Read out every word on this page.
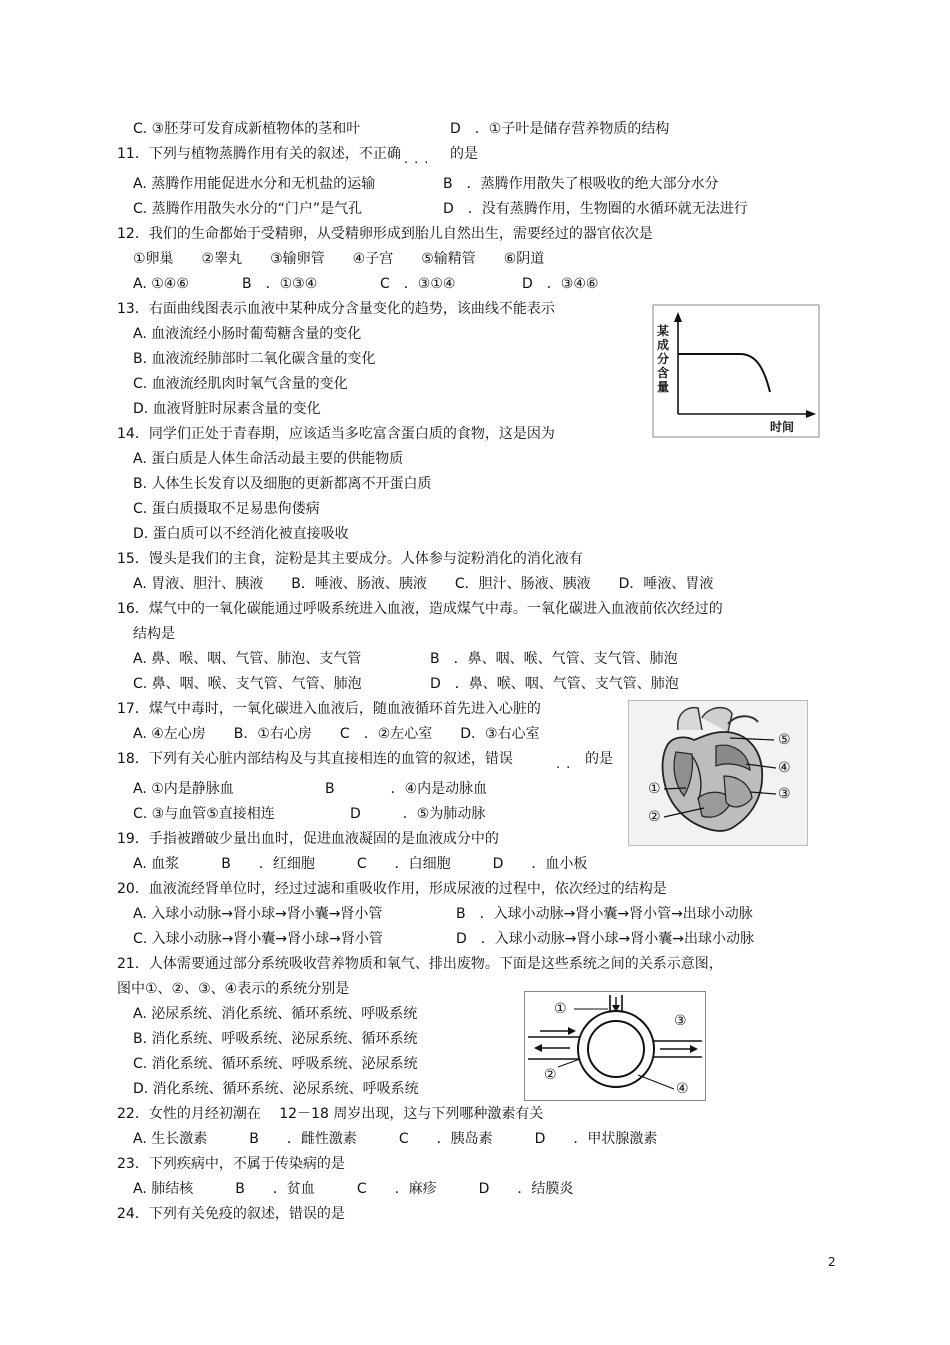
C. ③胚芽可发育成新植物体的茎和叶	D　．①子叶是储存营养物质的结构
11．下列与植物蒸腾作用有关的叙述，不正确 ... 的是
A. 蒸腾作用能促进水分和无机盐的运输	B　．蒸腾作用散失了根吸收的绝大部分水分
C. 蒸腾作用散失水分的“门户”是气孔	D　．没有蒸腾作用，生物圈的水循环就无法进行
12．我们的生命都始于受精卵，从受精卵形成到胎儿自然出生，需要经过的器官依次是
①卵巢　　②睾丸　　③输卵管　　④子宫　　⑤输精管　　⑥阴道
A. ①④⑥	B　．①③④	C　．③①④	D　．③④⑥
13．右面曲线图表示血液中某种成分含量变化的趋势，该曲线不能表示
A. 血液流经小肠时葡萄糖含量的变化
B. 血液流经肺部时二氧化碳含量的变化
C. 血液流经肌肉时氧气含量的变化
D. 血液肾脏时尿素含量的变化
某成分含量
时间
14．同学们正处于青春期，应该适当多吃富含蛋白质的食物，这是因为
A. 蛋白质是人体生命活动最主要的供能物质
B. 人体生长发育以及细胞的更新都离不开蛋白质
C. 蛋白质摄取不足易患佝偻病
D. 蛋白质可以不经消化被直接吸收
15．馒头是我们的主食，淀粉是其主要成分。人体参与淀粉消化的消化液有
A. 胃液、胆汁、胰液　　B．唾液、肠液、胰液　　C．胆汁、肠液、胰液　　D．唾液、胃液
16．煤气中的一氧化碳能通过呼吸系统进入血液，造成煤气中毒。一氧化碳进入血液前依次经过的
结构是
A. 鼻、喉、咽、气管、肺泡、支气管	B　．鼻、咽、喉、气管、支气管、肺泡
C. 鼻、咽、喉、支气管、气管、肺泡	D　．鼻、喉、咽、气管、支气管、肺泡
17．煤气中毒时，一氧化碳进入血液后，随血液循环首先进入心脏的
A. ④左心房　　B．①右心房　　C　．②左心室　　D．③右心室
18．下列有关心脏内部结构及与其直接相连的血管的叙述，错误	.. 的是
A. ①内是静脉血	B　　　　．④内是动脉血
C. ③与血管⑤直接相连	D　　　．⑤为肺动脉
⑤
④
③
①
②
19．手指被蹭破少量出血时，促进血液凝固的是血液成分中的
A. 血浆　　　B　　．红细胞　　　C　　．白细胞　　　D　　．血小板
20．血液流经肾单位时，经过过滤和重吸收作用，形成尿液的过程中，依次经过的结构是
A. 入球小动脉→肾小球→肾小囊→肾小管	B　．入球小动脉→肾小囊→肾小管→出球小动脉
C. 入球小动脉→肾小囊→肾小球→肾小管	D　．入球小动脉→肾小球→肾小囊→出球小动脉
21．人体需要通过部分系统吸收营养物质和氧气、排出废物。下面是这些系统之间的关系示意图，
图中①、②、③、④表示的系统分别是
A. 泌尿系统、消化系统、循环系统、呼吸系统
B. 消化系统、呼吸系统、泌尿系统、循环系统
C. 消化系统、循环系统、呼吸系统、泌尿系统
D. 消化系统、循环系统、泌尿系统、呼吸系统
①
②
③
④
22．女性的月经初潮在　 12－18 周岁出现，这与下列哪种激素有关
A. 生长激素　　　B　　．雌性激素　　　C　　．胰岛素　　　D　　．甲状腺激素
23．下列疾病中，不属于传染病的是
A. 肺结核　　　B　　．贫血　　　C　　．麻疹　　　D　　．结膜炎
24．下列有关免疫的叙述，错误的是
2
